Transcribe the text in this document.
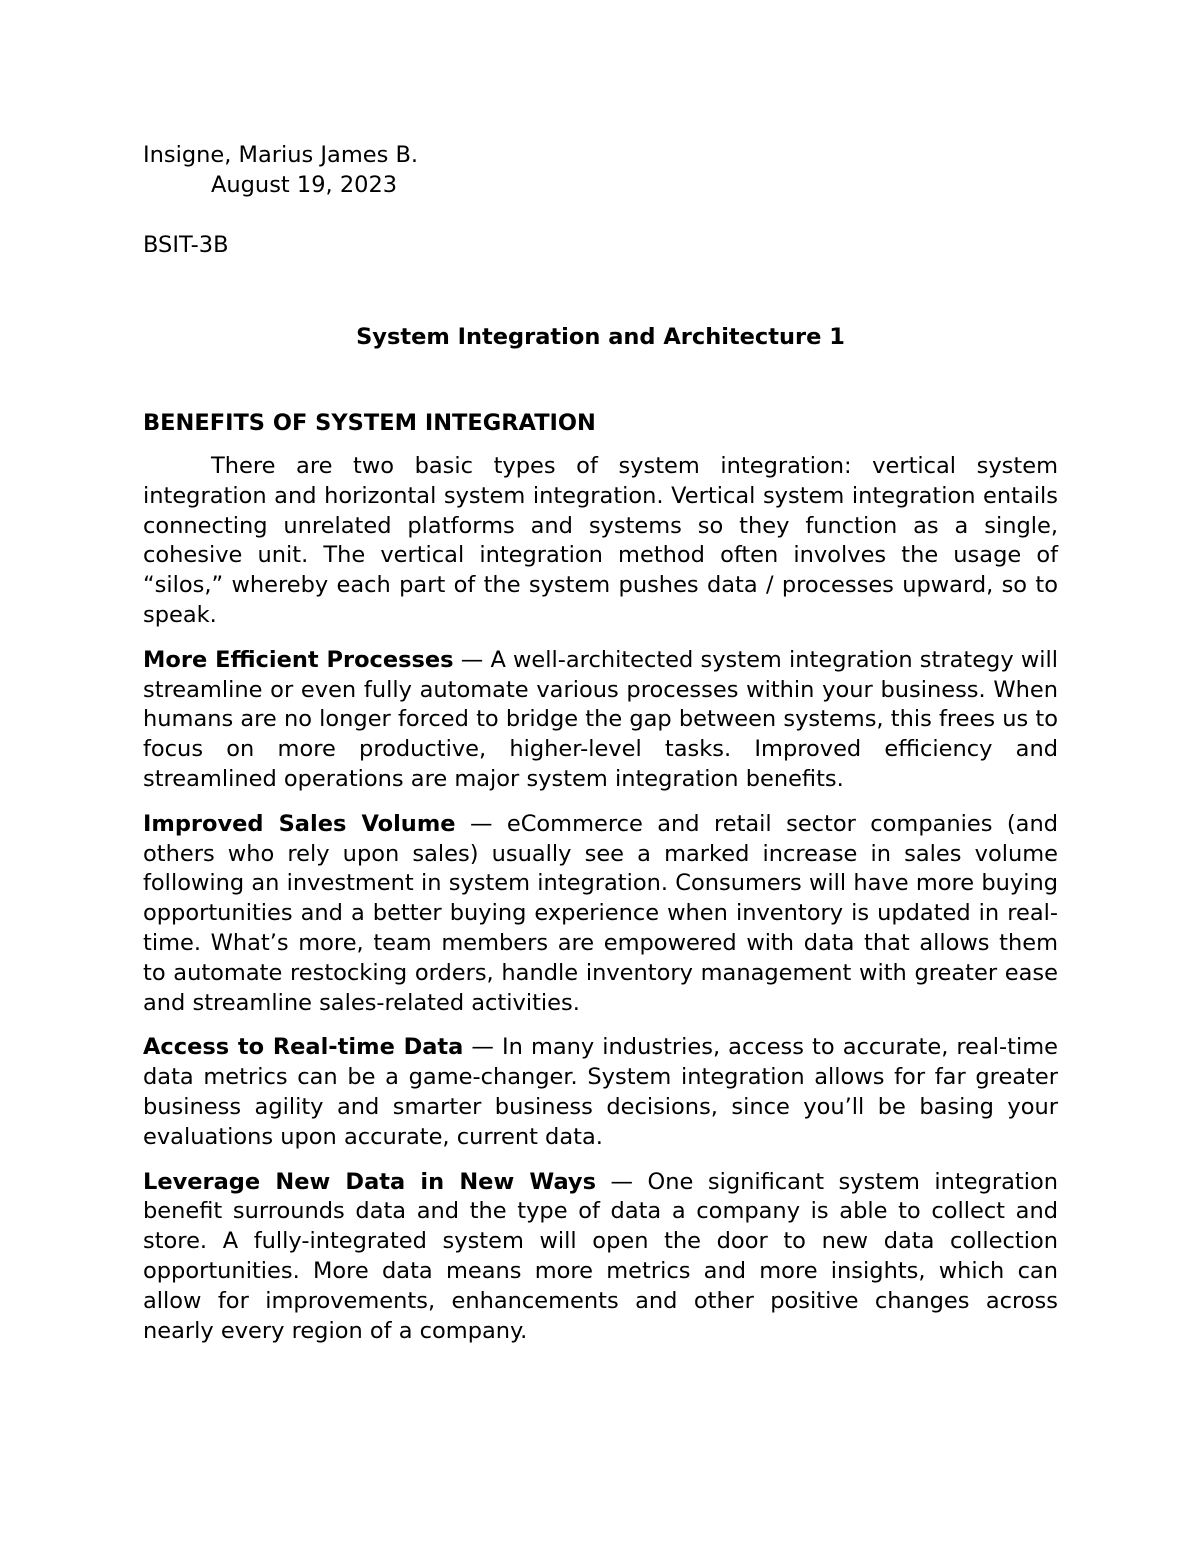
Insigne, Marius James B.

August 19, 2023

BSIT-3B

System Integration and Architecture 1
BENEFITS OF SYSTEM INTEGRATION

There are two basic types of system integration: vertical system integration and horizontal system integration. Vertical system integration entails connecting unrelated platforms and systems so they function as a single, cohesive unit. The vertical integration method often involves the usage of “silos,” whereby each part of the system pushes data / processes upward, so to speak.

More Efficient Processes — A well-architected system integration strategy will streamline or even fully automate various processes within your business. When humans are no longer forced to bridge the gap between systems, this frees us to focus on more productive, higher-level tasks. Improved efficiency and streamlined operations are major system integration benefits.

Improved Sales Volume — eCommerce and retail sector companies (and others who rely upon sales) usually see a marked increase in sales volume following an investment in system integration. Consumers will have more buying opportunities and a better buying experience when inventory is updated in real-time. What’s more, team members are empowered with data that allows them to automate restocking orders, handle inventory management with greater ease and streamline sales-related activities.

Access to Real-time Data — In many industries, access to accurate, real-time data metrics can be a game-changer. System integration allows for far greater business agility and smarter business decisions, since you’ll be basing your evaluations upon accurate, current data.

Leverage New Data in New Ways — One significant system integration benefit surrounds data and the type of data a company is able to collect and store. A fully-integrated system will open the door to new data collection opportunities. More data means more metrics and more insights, which can allow for improvements, enhancements and other positive changes across nearly every region of a company.
